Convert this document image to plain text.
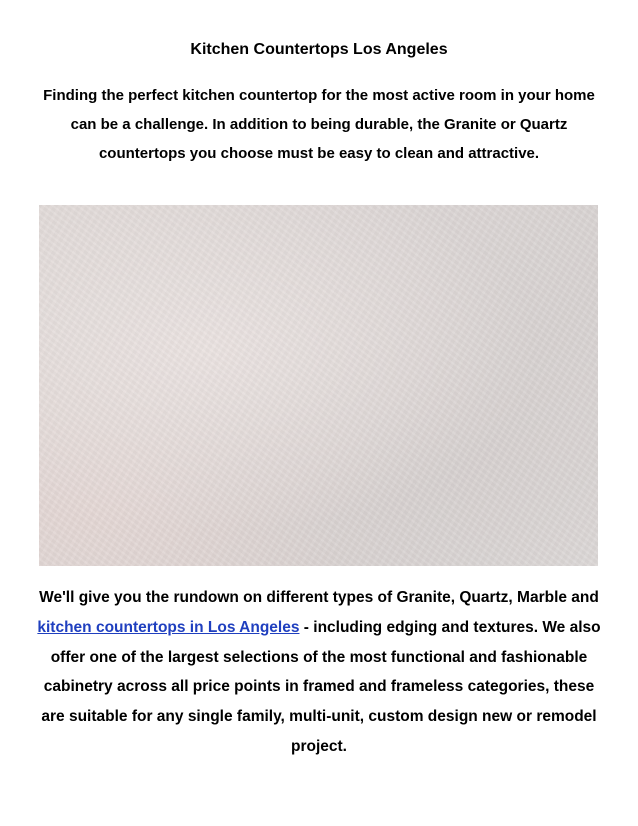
Kitchen Countertops Los Angeles
Finding the perfect kitchen countertop for the most active room in your home can be a challenge. In addition to being durable, the Granite or Quartz countertops you choose must be easy to clean and attractive.
We'll give you the rundown on different types of Granite, Quartz, Marble and kitchen countertops in Los Angeles - including edging and textures. We also offer one of the largest selections of the most functional and fashionable cabinetry across all price points in framed and frameless categories, these are suitable for any single family, multi-unit, custom design new or remodel project.
